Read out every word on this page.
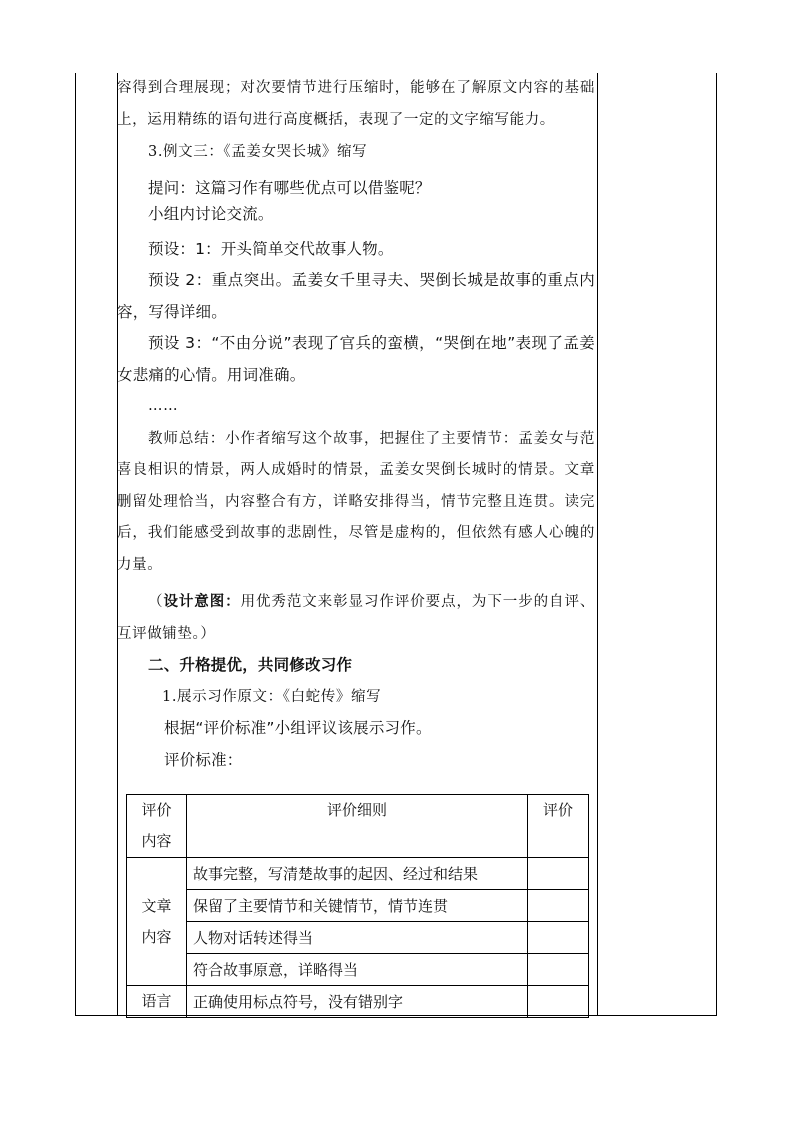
容得到合理展现；对次要情节进行压缩时，能够在了解原文内容的基础上，运用精练的语句进行高度概括，表现了一定的文字缩写能力。

3.例文三：《孟姜女哭长城》缩写

提问：这篇习作有哪些优点可以借鉴呢？

小组内讨论交流。

预设：1：开头简单交代故事人物。

预设 2：重点突出。孟姜女千里寻夫、哭倒长城是故事的重点内容，写得详细。

预设 3：“不由分说”表现了官兵的蛮横，“哭倒在地”表现了孟姜女悲痛的心情。用词准确。

……

教师总结：小作者缩写这个故事，把握住了主要情节：孟姜女与范喜良相识的情景，两人成婚时的情景，孟姜女哭倒长城时的情景。文章删留处理恰当，内容整合有方，详略安排得当，情节完整且连贯。读完后，我们能感受到故事的悲剧性，尽管是虚构的，但依然有感人心魄的力量。

（设计意图：用优秀范文来彰显习作评价要点，为下一步的自评、互评做铺垫。）

二、升格提优，共同修改习作

1.展示习作原文：《白蛇传》缩写

根据“评价标准”小组评议该展示习作。

评价标准：

评价
内容	评价细则	评价

文章
内容	故事完整，写清楚故事的起因、经过和结果	
	保留了主要情节和关键情节，情节连贯	
	人物对话转述得当	
	符合故事原意，详略得当	
语言	正确使用标点符号，没有错别字	
